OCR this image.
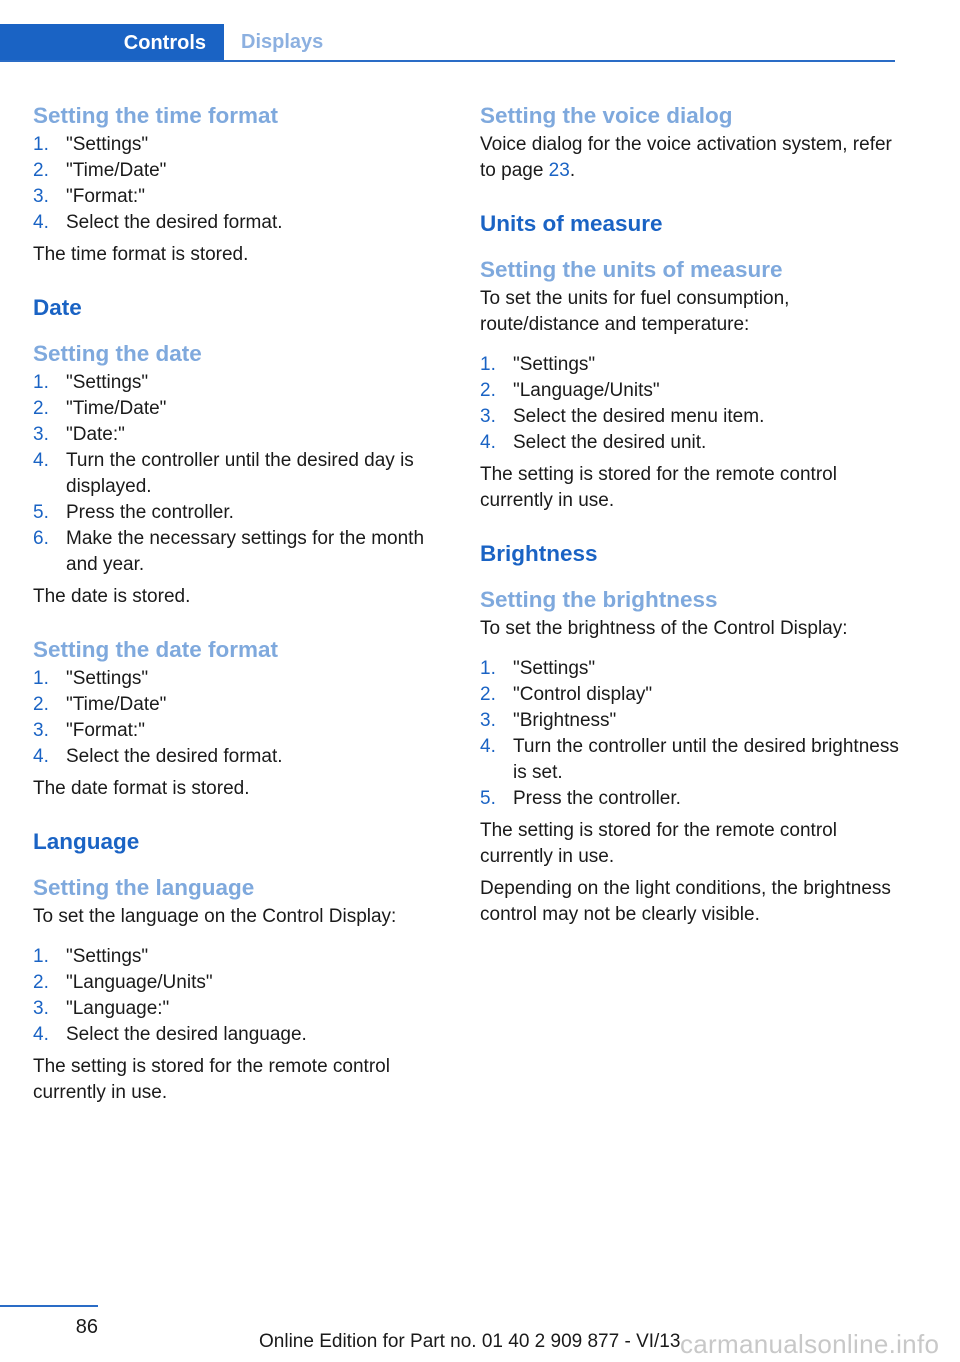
Controls Displays
Setting the time format
1. "Settings"
2. "Time/Date"
3. "Format:"
4. Select the desired format.

The time format is stored.

Date
Setting the date
1. "Settings"
2. "Time/Date"
3. "Date:"
4. Turn the controller until the desired day is displayed.
5. Press the controller.
6. Make the necessary settings for the month and year.

The date is stored.

Setting the date format
1. "Settings"
2. "Time/Date"
3. "Format:"
4. Select the desired format.

The date format is stored.

Language
Setting the language

To set the language on the Control Display:

1. "Settings"
2. "Language/Units"
3. "Language:"
4. Select the desired language.

The setting is stored for the remote control currently in use.

Setting the voice dialog

Voice dialog for the voice activation system, refer to page 23.

Units of measure
Setting the units of measure

To set the units for fuel consumption, route/distance and temperature:

1. "Settings"
2. "Language/Units"
3. Select the desired menu item.
4. Select the desired unit.

The setting is stored for the remote control currently in use.

Brightness
Setting the brightness

To set the brightness of the Control Display:

1. "Settings"
2. "Control display"
3. "Brightness"
4. Turn the controller until the desired brightness is set.
5. Press the controller.

The setting is stored for the remote control currently in use.

Depending on the light conditions, the brightness control may not be clearly visible.

86
Online Edition for Part no. 01 40 2 909 877 - VI/13 carmanualsonline.info
